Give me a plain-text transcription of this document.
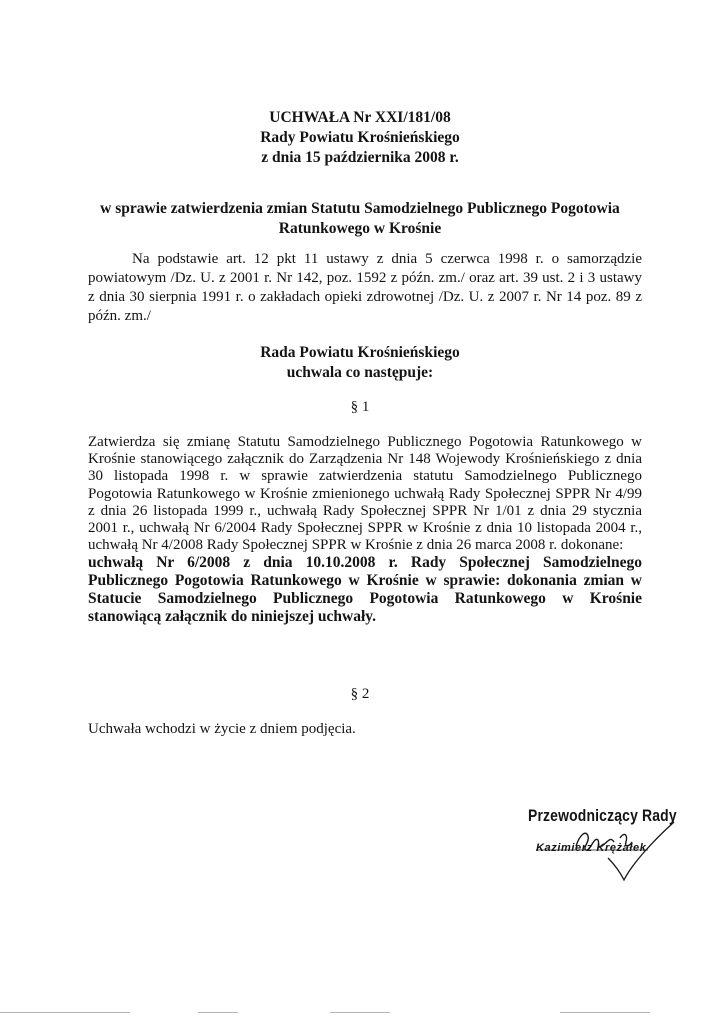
UCHWAŁA Nr XXI/181/08
Rady Powiatu Krośnieńskiego
z dnia 15 października 2008 r.
w sprawie zatwierdzenia zmian Statutu Samodzielnego Publicznego Pogotowia Ratunkowego w Krośnie
Na podstawie art. 12 pkt 11 ustawy z dnia 5 czerwca 1998 r. o samorządzie powiatowym /Dz. U. z 2001 r. Nr 142, poz. 1592 z późn. zm./ oraz art. 39 ust. 2 i 3 ustawy z dnia 30 sierpnia 1991 r. o zakładach opieki zdrowotnej /Dz. U. z 2007 r. Nr 14 poz. 89 z późn. zm./
Rada Powiatu Krośnieńskiego
uchwala co następuje:
§ 1

Zatwierdza się zmianę Statutu Samodzielnego Publicznego Pogotowia Ratunkowego w Krośnie stanowiącego załącznik do Zarządzenia Nr 148 Wojewody Krośnieńskiego z dnia 30 listopada 1998 r. w sprawie zatwierdzenia statutu Samodzielnego Publicznego Pogotowia Ratunkowego w Krośnie zmienionego uchwałą Rady Społecznej SPPR Nr 4/99 z dnia 26 listopada 1999 r., uchwałą Rady Społecznej SPPR Nr 1/01 z dnia 29 stycznia 2001 r., uchwałą Nr 6/2004 Rady Społecznej SPPR w Krośnie z dnia 10 listopada 2004 r., uchwałą Nr 4/2008 Rady Społecznej SPPR w Krośnie z dnia 26 marca 2008 r. dokonane:

uchwałą Nr 6/2008 z dnia 10.10.2008 r. Rady Społecznej Samodzielnego Publicznego Pogotowia Ratunkowego w Krośnie w sprawie: dokonania zmian w Statucie Samodzielnego Publicznego Pogotowia Ratunkowego w Krośnie stanowiącą załącznik do niniejszej uchwały.

§ 2
Uchwała wchodzi w życie z dniem podjęcia.
Przewodniczący Rady
Kazimierz Krężałek
